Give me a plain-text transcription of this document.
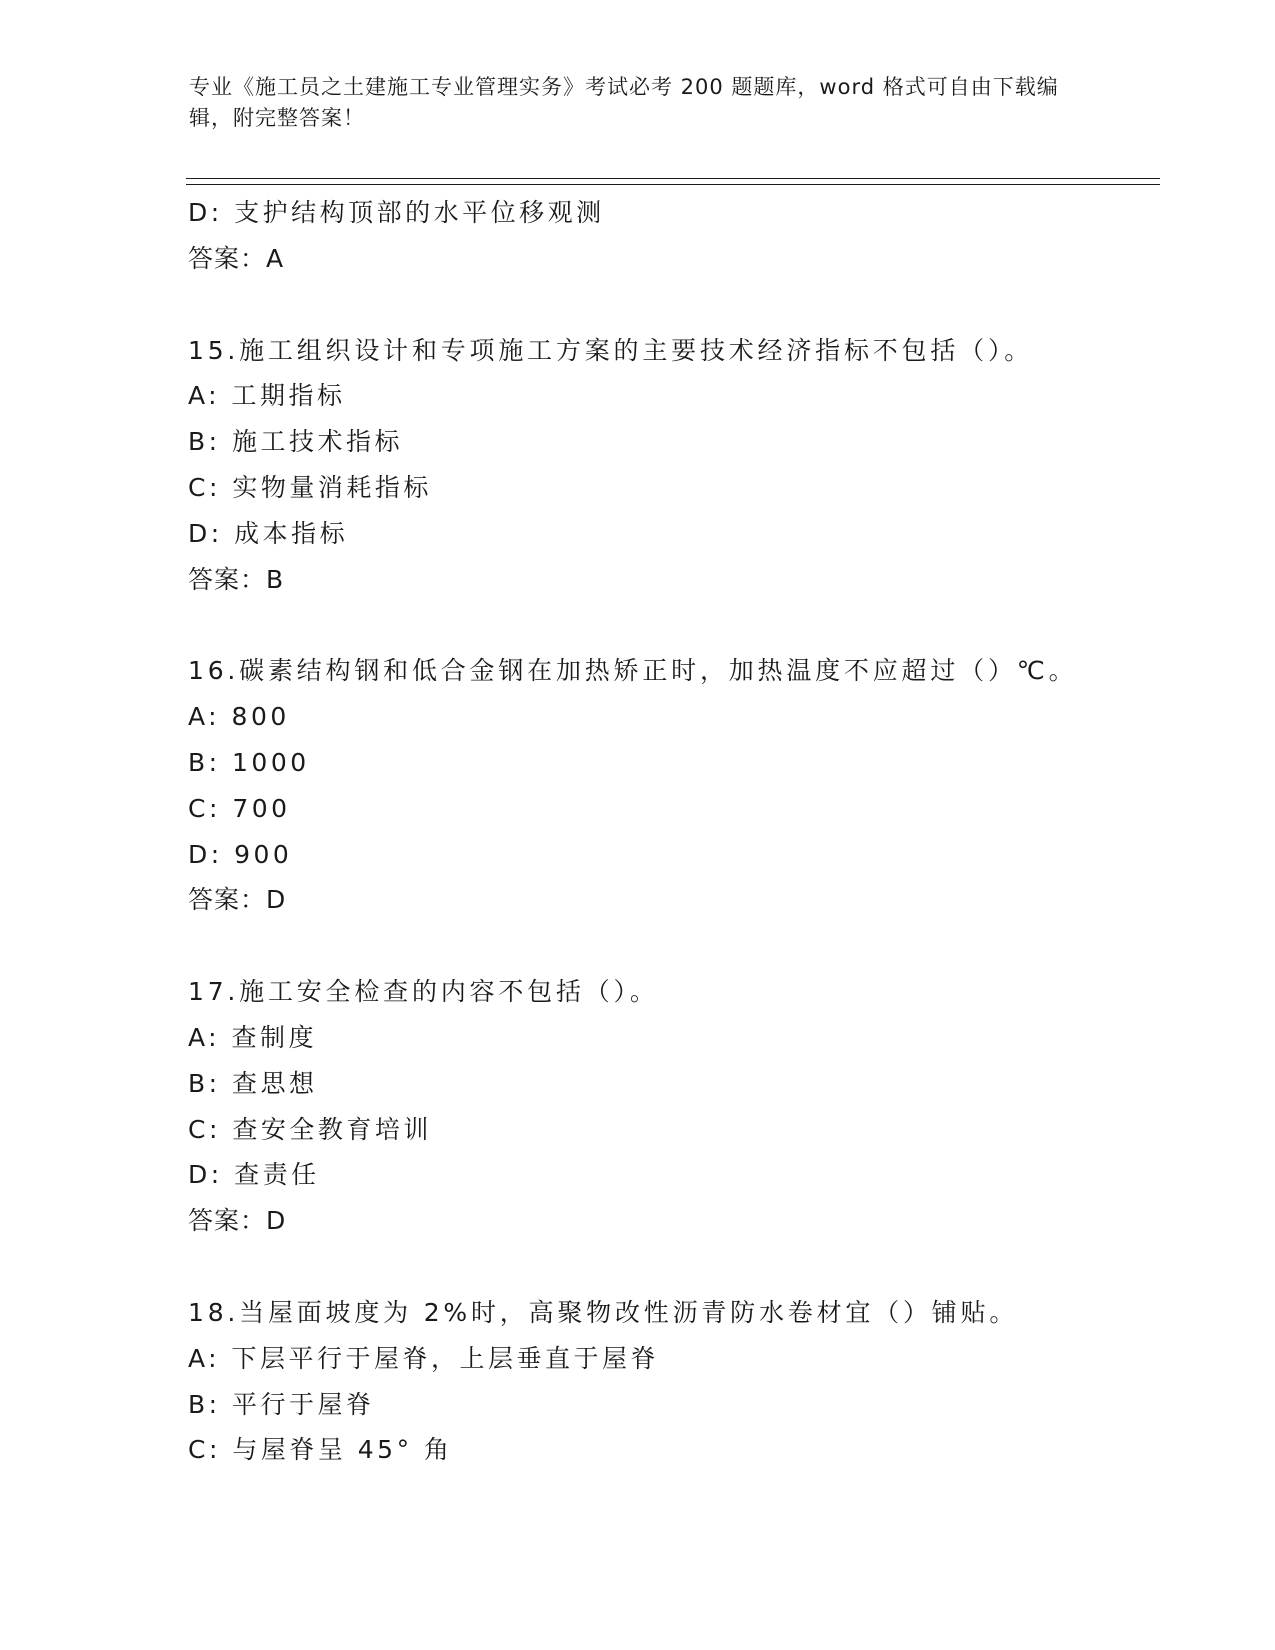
专业《施工员之土建施工专业管理实务》考试必考 200 题题库，word 格式可自由下载编辑，附完整答案！
D: 支护结构顶部的水平位移观测
答案：A
15.施工组织设计和专项施工方案的主要技术经济指标不包括（）。
A: 工期指标
B: 施工技术指标
C: 实物量消耗指标
D: 成本指标
答案：B
16.碳素结构钢和低合金钢在加热矫正时，加热温度不应超过（）℃。
A: 800
B: 1000
C: 700
D: 900
答案：D
17.施工安全检查的内容不包括（）。
A: 查制度
B: 查思想
C: 查安全教育培训
D: 查责任
答案：D
18.当屋面坡度为 2%时，高聚物改性沥青防水卷材宜（）铺贴。
A: 下层平行于屋脊，上层垂直于屋脊
B: 平行于屋脊
C: 与屋脊呈 45° 角
